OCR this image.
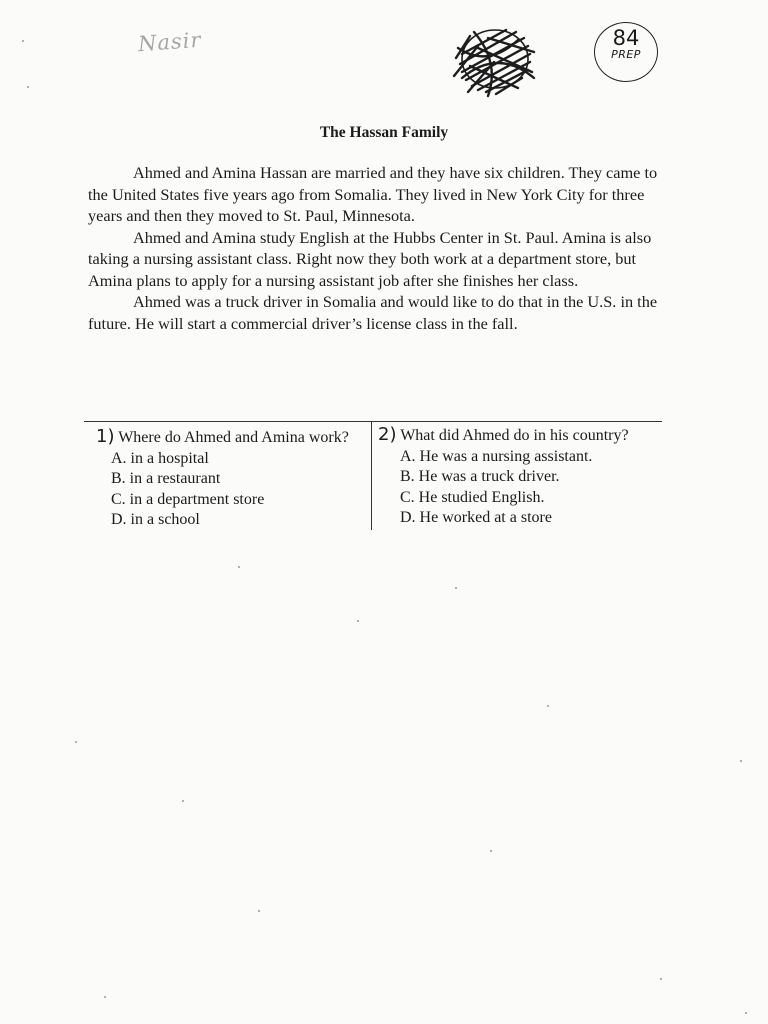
Nasir	84
PREP
The Hassan Family

Ahmed and Amina Hassan are married and they have six children. They came to the United States five years ago from Somalia. They lived in New York City for three years and then they moved to St. Paul, Minnesota.

Ahmed and Amina study English at the Hubbs Center in St. Paul. Amina is also taking a nursing assistant class. Right now they both work at a department store, but Amina plans to apply for a nursing assistant job after she finishes her class.

Ahmed was a truck driver in Somalia and would like to do that in the U.S. in the future. He will start a commercial driver’s license class in the fall.

1) Where do Ahmed and Amina work?
A. in a hospital
B. in a restaurant
C. in a department store
D. in a school
2) What did Ahmed do in his country?
A. He was a nursing assistant.
B. He was a truck driver.
C. He studied English.
D. He worked at a store
